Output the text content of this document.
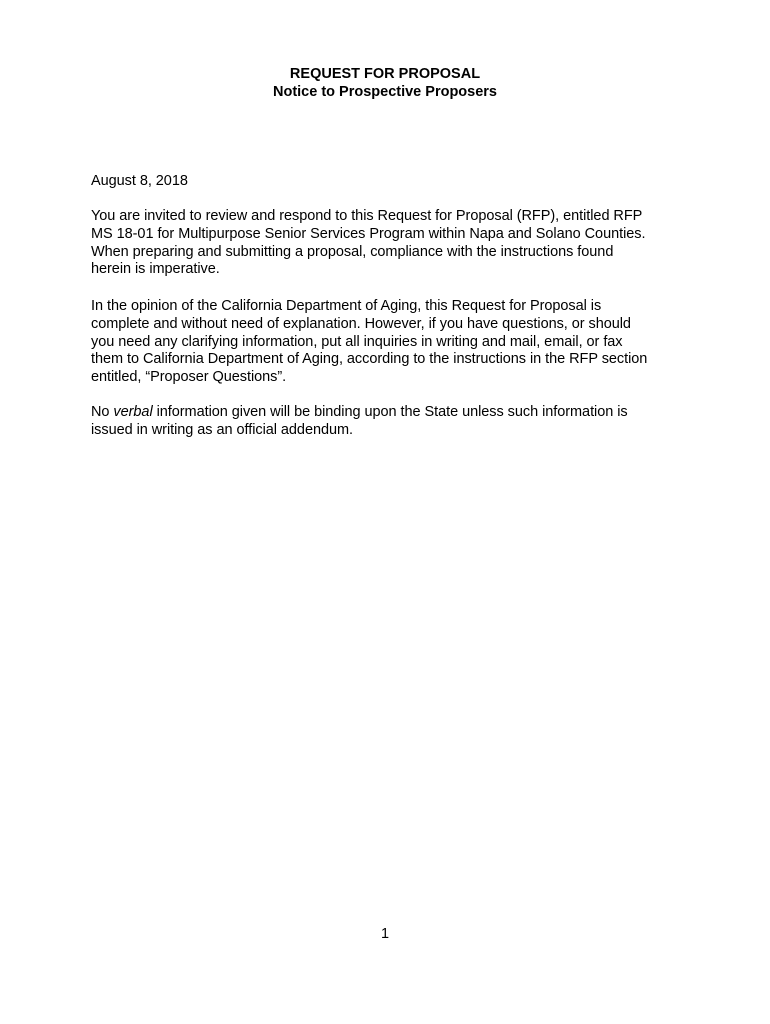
REQUEST FOR PROPOSAL
Notice to Prospective Proposers
August 8, 2018
You are invited to review and respond to this Request for Proposal (RFP), entitled RFP
MS 18-01 for Multipurpose Senior Services Program within Napa and Solano Counties.
When preparing and submitting a proposal, compliance with the instructions found
herein is imperative.
In the opinion of the California Department of Aging, this Request for Proposal is
complete and without need of explanation. However, if you have questions, or should
you need any clarifying information, put all inquiries in writing and mail, email, or fax
them to California Department of Aging, according to the instructions in the RFP section
entitled, “Proposer Questions”.
No verbal information given will be binding upon the State unless such information is
issued in writing as an official addendum.
1
